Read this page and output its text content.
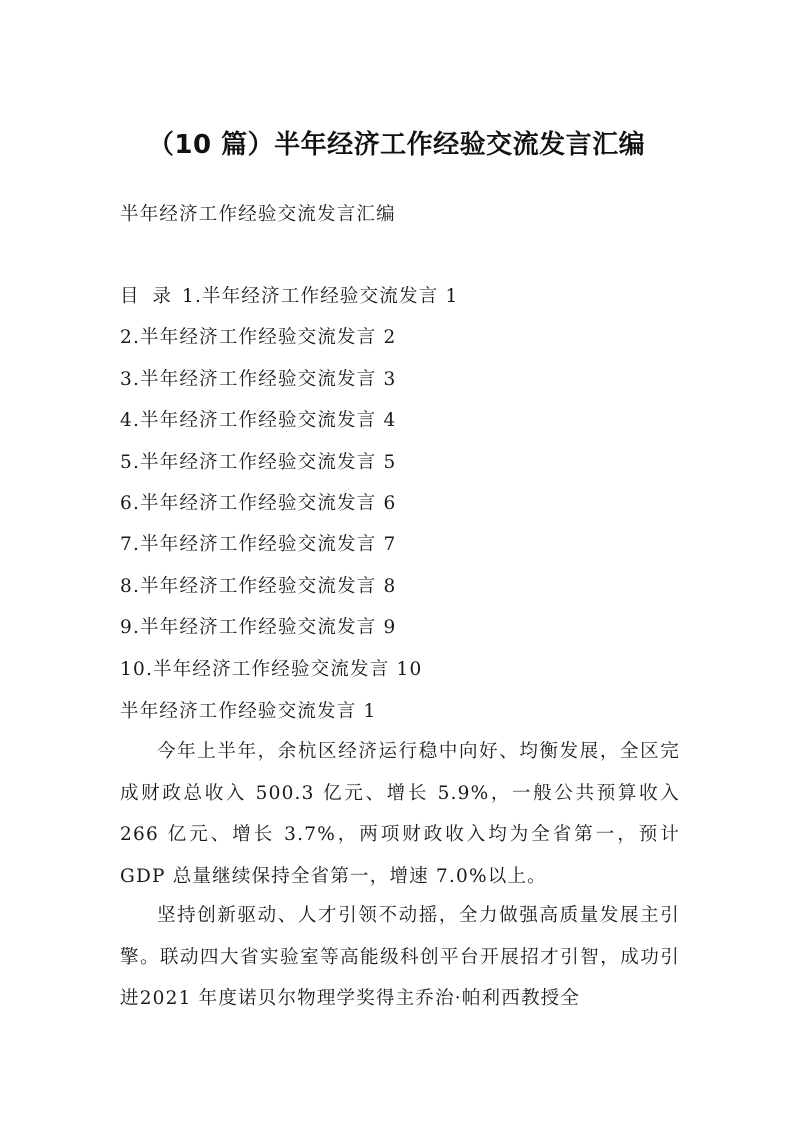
（10 篇）半年经济工作经验交流发言汇编
半年经济工作经验交流发言汇编
目 录 1.半年经济工作经验交流发言 1
2.半年经济工作经验交流发言 2
3.半年经济工作经验交流发言 3
4.半年经济工作经验交流发言 4
5.半年经济工作经验交流发言 5
6.半年经济工作经验交流发言 6
7.半年经济工作经验交流发言 7
8.半年经济工作经验交流发言 8
9.半年经济工作经验交流发言 9
10.半年经济工作经验交流发言 10
半年经济工作经验交流发言 1

今年上半年，余杭区经济运行稳中向好、均衡发展，全区完成财政总收入 500.3 亿元、增长 5.9%，一般公共预算收入 266 亿元、增长 3.7%，两项财政收入均为全省第一，预计 GDP 总量继续保持全省第一，增速 7.0%以上。

坚持创新驱动、人才引领不动摇，全力做强高质量发展主引擎。联动四大省实验室等高能级科创平台开展招才引智，成功引进2021 年度诺贝尔物理学奖得主乔治·帕利西教授全
